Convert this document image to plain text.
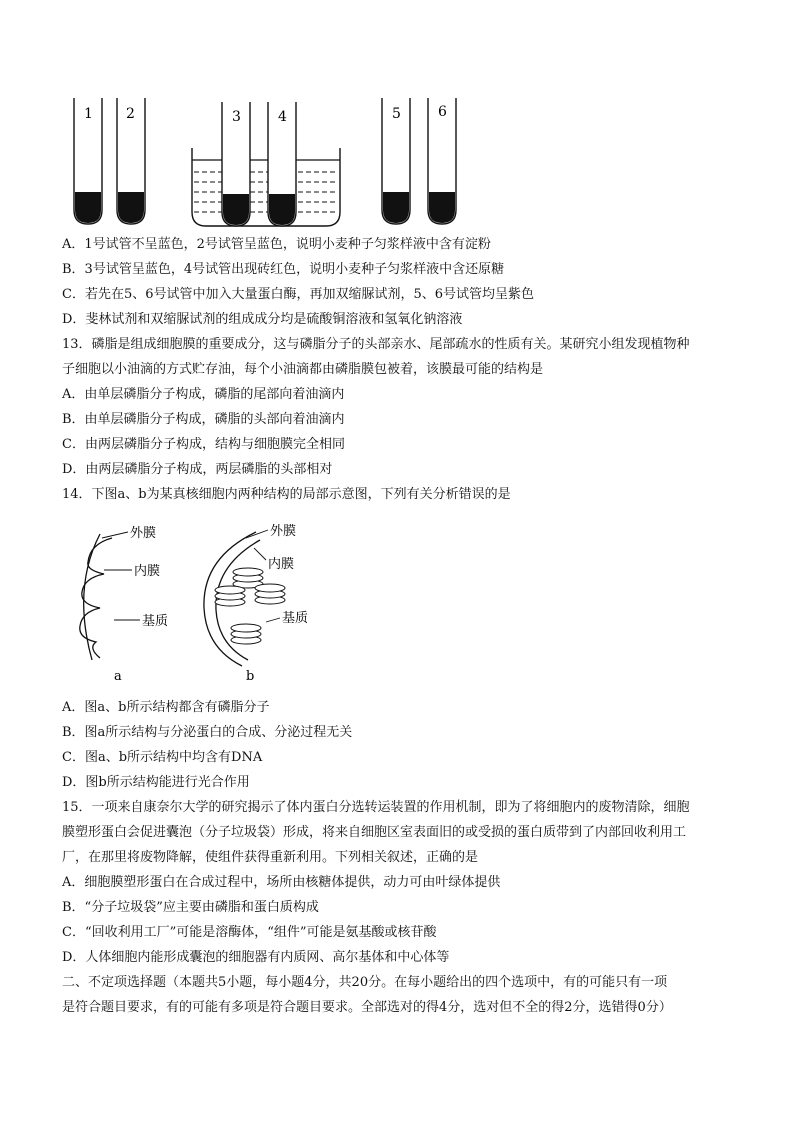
1 2	3	4	5	6
A．1号试管不呈蓝色，2号试管呈蓝色，说明小麦种子匀浆样液中含有淀粉
B．3号试管呈蓝色，4号试管出现砖红色，说明小麦种子匀浆样液中含还原糖
C．若先在5、6号试管中加入大量蛋白酶，再加双缩脲试剂，5、6号试管均呈紫色
D．斐林试剂和双缩脲试剂的组成成分均是硫酸铜溶液和氢氧化钠溶液
13．磷脂是组成细胞膜的重要成分，这与磷脂分子的头部亲水、尾部疏水的性质有关。某研究小组发现植物种
子细胞以小油滴的方式贮存油，每个小油滴都由磷脂膜包被着，该膜最可能的结构是
A．由单层磷脂分子构成，磷脂的尾部向着油滴内
B．由单层磷脂分子构成，磷脂的头部向着油滴内
C．由两层磷脂分子构成，结构与细胞膜完全相同
D．由两层磷脂分子构成，两层磷脂的头部相对
14．下图a、b为某真核细胞内两种结构的局部示意图，下列有关分析错误的是
外膜
内膜
基质
a
外膜
内膜
基质
b
A．图a、b所示结构都含有磷脂分子
B．图a所示结构与分泌蛋白的合成、分泌过程无关
C．图a、b所示结构中均含有DNA
D．图b所示结构能进行光合作用
15．一项来自康奈尔大学的研究揭示了体内蛋白分选转运装置的作用机制，即为了将细胞内的废物清除，细胞
膜塑形蛋白会促进囊泡（分子垃圾袋）形成，将来自细胞区室表面旧的或受损的蛋白质带到了内部回收利用工
厂，在那里将废物降解，使组件获得重新利用。下列相关叙述，正确的是
A．细胞膜塑形蛋白在合成过程中，场所由核糖体提供，动力可由叶绿体提供
B．“分子垃圾袋”应主要由磷脂和蛋白质构成
C．“回收利用工厂”可能是溶酶体，“组件”可能是氨基酸或核苷酸
D．人体细胞内能形成囊泡的细胞器有内质网、高尔基体和中心体等
二、不定项选择题（本题共5小题，每小题4分，共20分。在每小题给出的四个选项中，有的可能只有一项
是符合题目要求，有的可能有多项是符合题目要求。全部选对的得4分，选对但不全的得2分，选错得0分）
